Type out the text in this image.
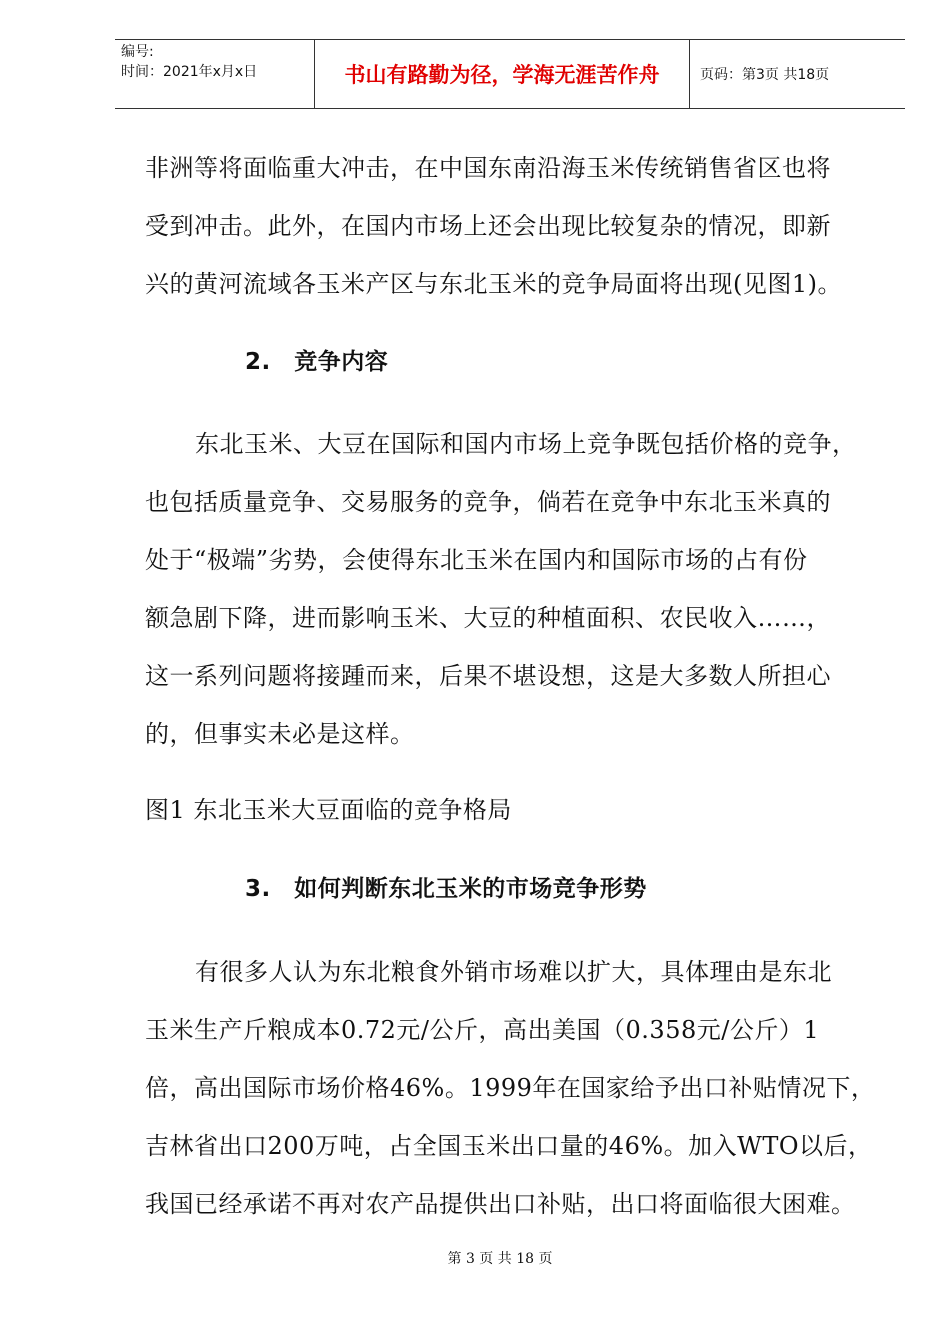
编号:
时间：2021年x月x日	书山有路勤为径，学海无涯苦作舟	页码：第3页 共18页
非洲等将面临重大冲击，在中国东南沿海玉米传统销售省区也将
受到冲击。此外，在国内市场上还会出现比较复杂的情况，即新
兴的黄河流域各玉米产区与东北玉米的竞争局面将出现(见图1)。
2.　竞争内容
东北玉米、大豆在国际和国内市场上竞争既包括价格的竞争，
也包括质量竞争、交易服务的竞争，倘若在竞争中东北玉米真的
处于“极端”劣势，会使得东北玉米在国内和国际市场的占有份
额急剧下降，进而影响玉米、大豆的种植面积、农民收入……，
这一系列问题将接踵而来，后果不堪设想，这是大多数人所担心
的，但事实未必是这样。
图1 东北玉米大豆面临的竞争格局
3.　如何判断东北玉米的市场竞争形势
有很多人认为东北粮食外销市场难以扩大，具体理由是东北
玉米生产斤粮成本0.72元/公斤，高出美国（0.358元/公斤）1
倍，高出国际市场价格46%。1999年在国家给予出口补贴情况下，
吉林省出口200万吨，占全国玉米出口量的46%。加入WTO以后，
我国已经承诺不再对农产品提供出口补贴，出口将面临很大困难。
第 3 页 共 18 页
